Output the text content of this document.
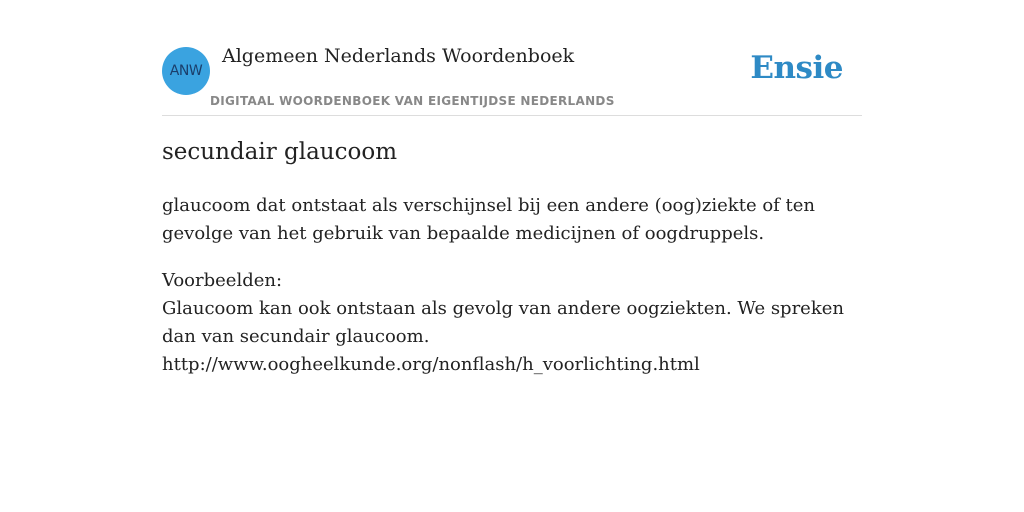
ANW
Algemeen Nederlands Woordenboek
DIGITAAL WOORDENBOEK VAN EIGENTIJDSE NEDERLANDS
Ensie
secundair glaucoom

glaucoom dat ontstaat als verschijnsel bij een andere (oog)ziekte of ten gevolge van het gebruik van bepaalde medicijnen of oogdruppels.

Voorbeelden:
Glaucoom kan ook ontstaan als gevolg van andere oogziekten. We spreken dan van secundair glaucoom.
http://www.oogheelkunde.org/nonflash/h_voorlichting.html
